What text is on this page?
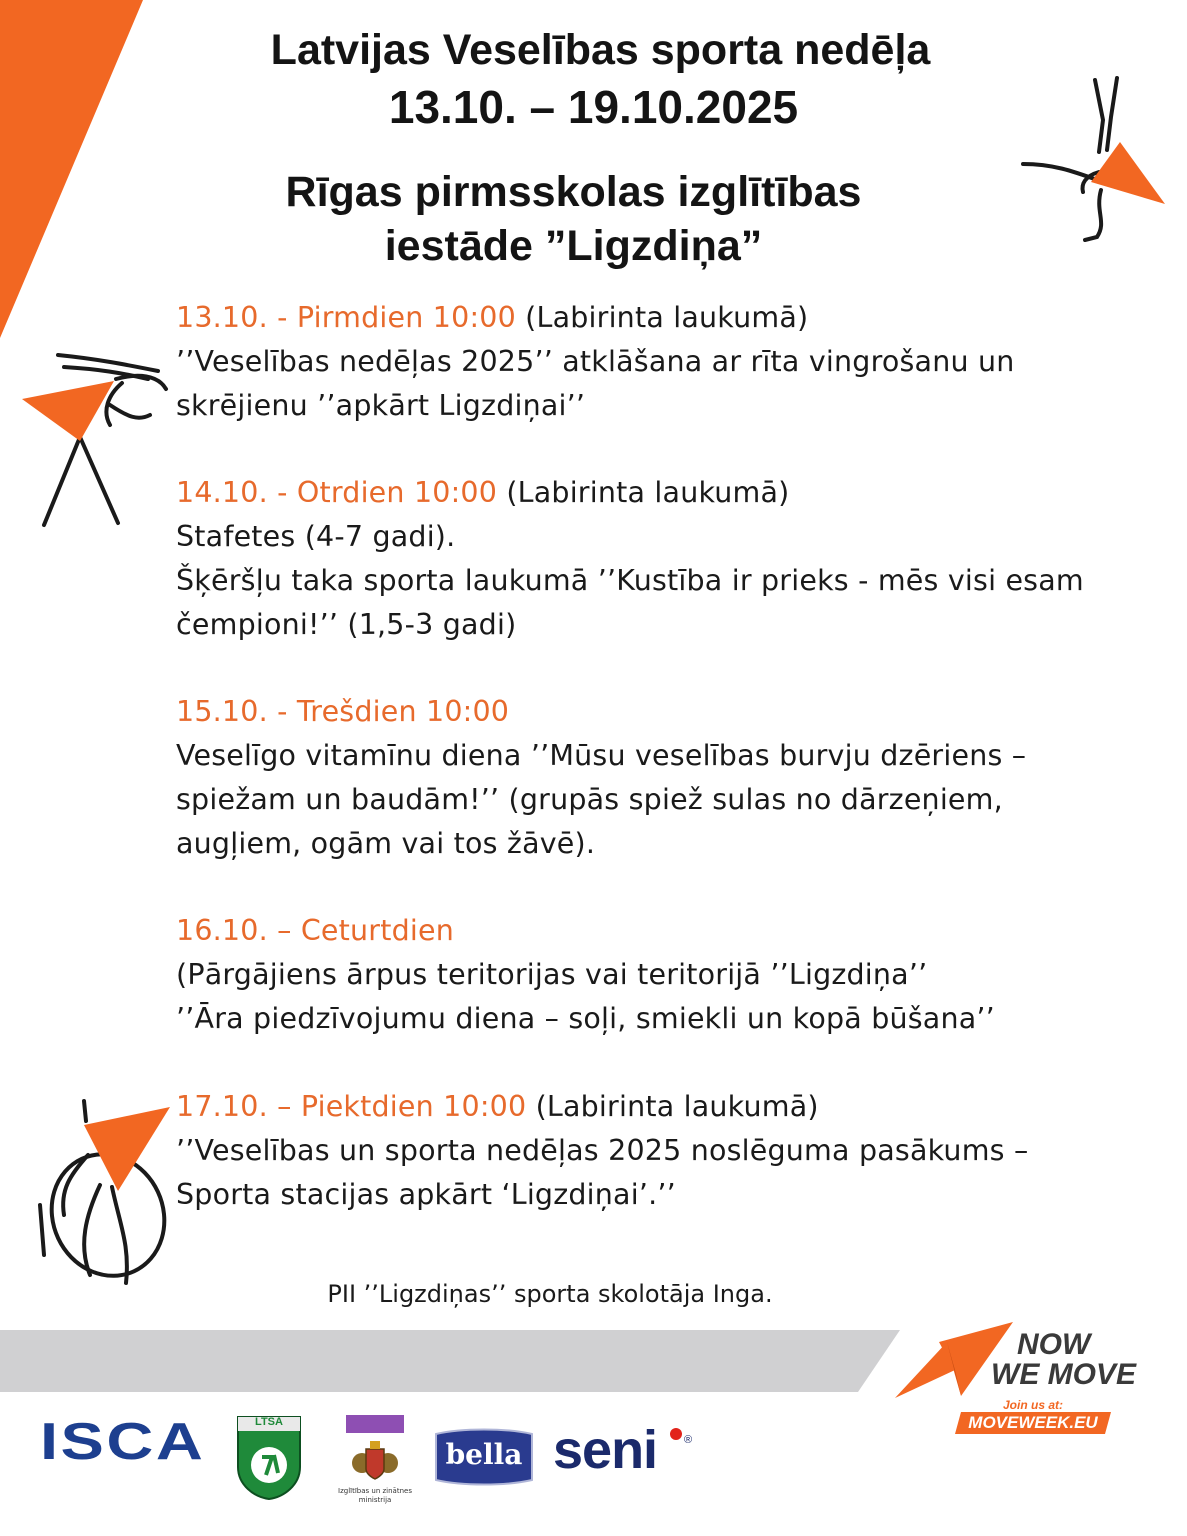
Latvijas Veselības sporta nedēļa
13.10. – 19.10.2025
Rīgas pirmsskolas izglītības
iestāde ”Ligzdiņa”
13.10. - Pirmdien 10:00 (Labirinta laukumā)
’’Veselības nedēļas 2025’’ atklāšana ar rīta vingrošanu un
skrējienu ’’apkārt Ligzdiņai’’
14.10. - Otrdien 10:00 (Labirinta laukumā)
Stafetes (4-7 gadi).
Šķēršļu taka sporta laukumā ’’Kustība ir prieks - mēs visi esam
čempioni!’’ (1,5-3 gadi)
15.10. - Trešdien 10:00
Veselīgo vitamīnu diena ’’Mūsu veselības burvju dzēriens –
spiežam un baudām!’’ (grupās spiež sulas no dārzeņiem,
augļiem, ogām vai tos žāvē).
16.10. – Ceturtdien
(Pārgājiens ārpus teritorijas vai teritorijā ’’Ligzdiņa’’
’’Āra piedzīvojumu diena – soļi, smiekli un kopā būšana’’
17.10. – Piektdien 10:00 (Labirinta laukumā)
’’Veselības un sporta nedēļas 2025 noslēguma pasākums –
Sporta stacijas apkārt ‘Ligzdiņai’.’’
PII ’’Ligzdiņas’’ sporta skolotāja Inga.
NOW
WE MOVE
Join us at:
MOVEWEEK.EU
ISCA	LTSA
Izglītības un zinātnes ministrija
bella seni ®
